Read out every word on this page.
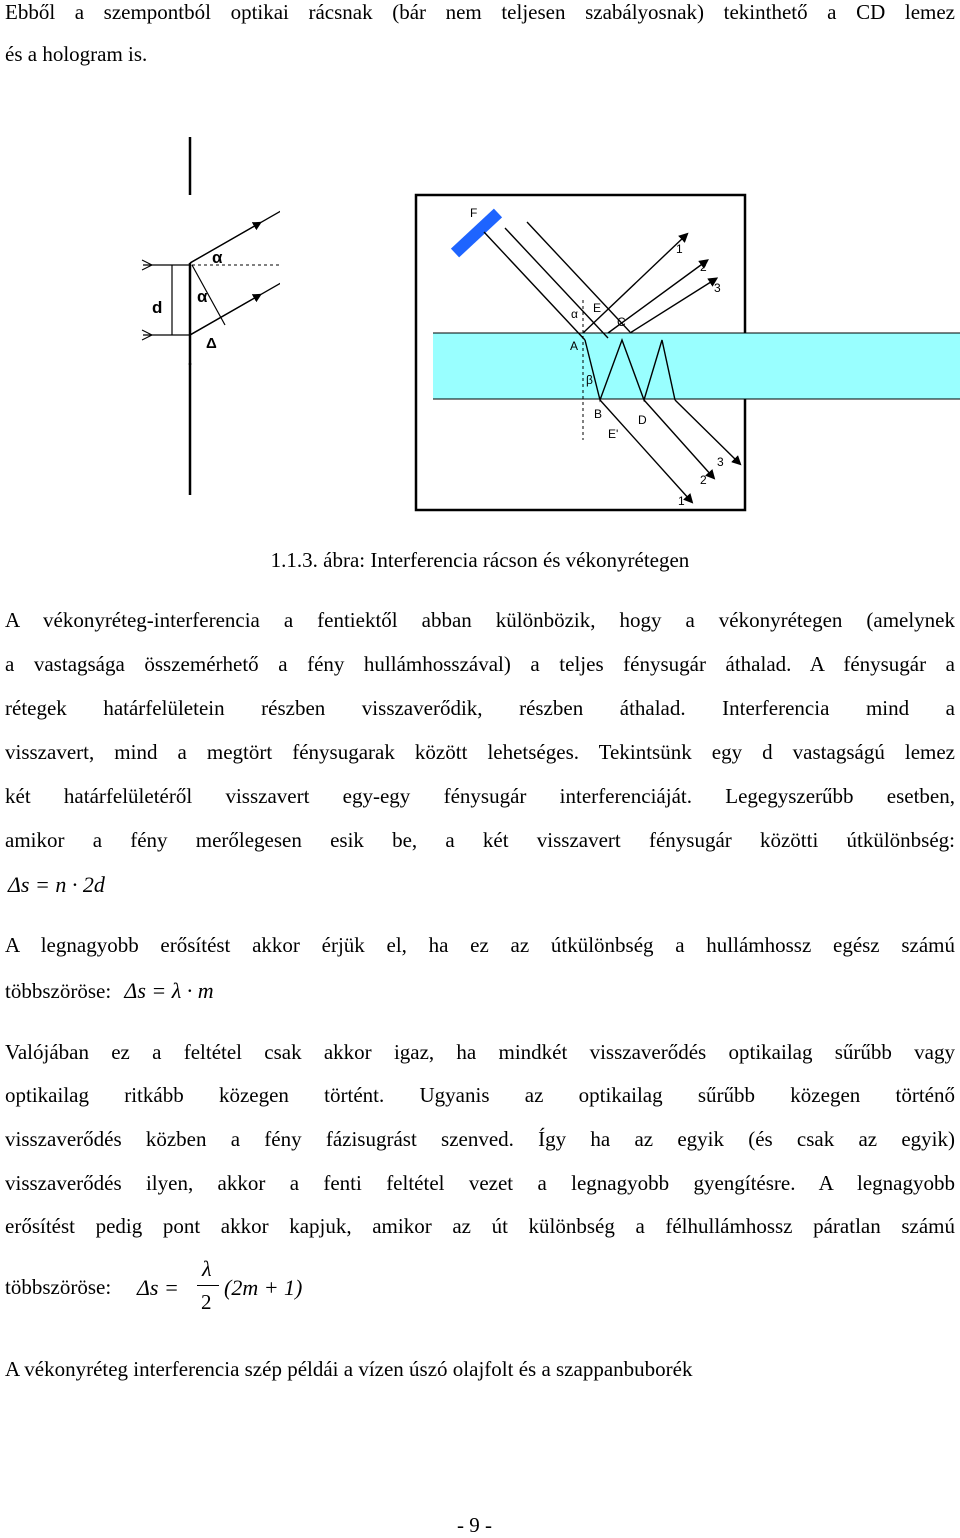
Ebből a szempontból optikai rácsnak (bár nem teljesen szabályosnak) tekinthető a CD lemez
és a hologram is.
d
α
α
Δ
F
1
2
3
α E
C
A
β
B	D
E'
3
2
1
1.1.3. ábra: Interferencia rácson és vékonyrétegen
A vékonyréteg-interferencia a fentiektől abban különbözik, hogy a vékonyrétegen (amelynek
a vastagsága összemérhető a fény hullámhosszával) a teljes fénysugár áthalad. A fénysugár a
rétegek határfelületein részben visszaverődik, részben áthalad. Interferencia mind a
visszavert, mind a megtört fénysugarak között lehetséges. Tekintsünk egy d vastagságú lemez
két határfelületéről visszavert egy-egy fénysugár interferenciáját. Legegyszerűbb esetben,
amikor a fény merőlegesen esik be, a két visszavert fénysugár közötti útkülönbség:
Δs = n · 2d
A legnagyobb erősítést akkor érjük el, ha ez az útkülönbség a hullámhossz egész számú
többszöröse: Δs = λ · m
Valójában ez a feltétel csak akkor igaz, ha mindkét visszaverődés optikailag sűrűbb vagy
optikailag ritkább közegen történt. Ugyanis az optikailag sűrűbb közegen történő
visszaverődés közben a fény fázisugrást szenved. Így ha az egyik (és csak az egyik)
visszaverődés ilyen, akkor a fenti feltétel vezet a legnagyobb gyengítésre. A legnagyobb
erősítést pedig pont akkor kapjuk, amikor az út különbség a félhullámhossz páratlan számú
többszöröse: Δs =
λ
2
(2m + 1)
A vékonyréteg interferencia szép példái a vízen úszó olajfolt és a szappanbuborék
- 9 -
